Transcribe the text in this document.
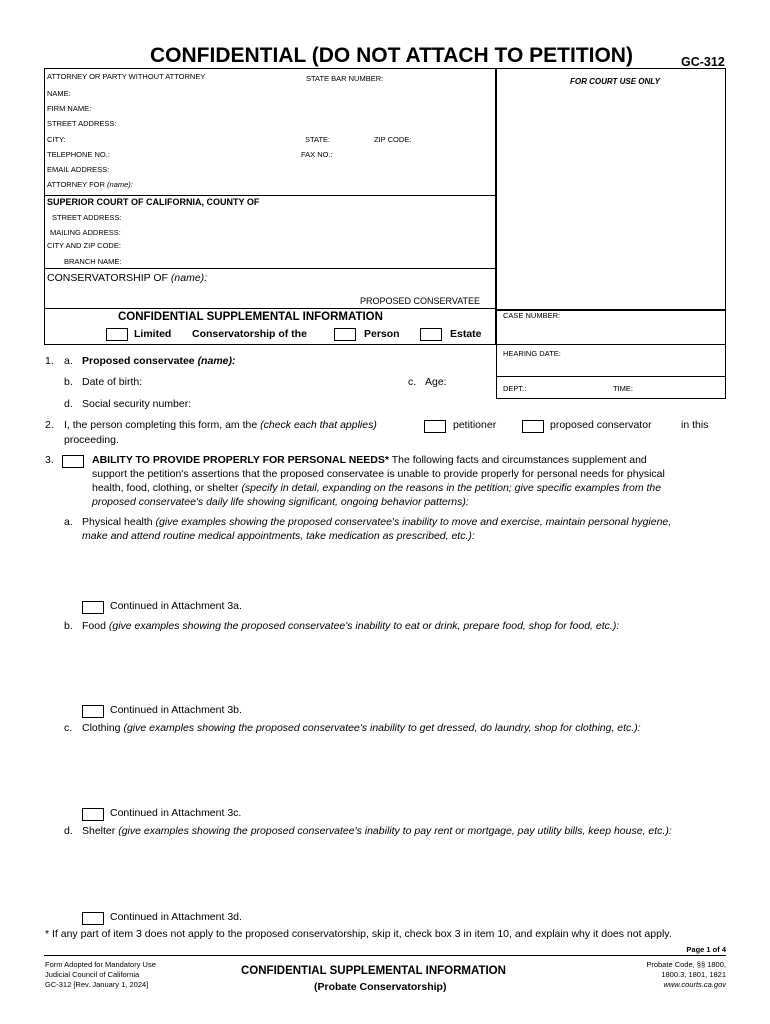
CONFIDENTIAL (DO NOT ATTACH TO PETITION)	GC-312
FOR COURT USE ONLY
ATTORNEY OR PARTY WITHOUT ATTORNEY	STATE BAR NUMBER:
NAME:
FIRM NAME:
STREET ADDRESS:
CITY:	STATE:	ZIP CODE:
TELEPHONE NO.:	FAX NO.:
EMAIL ADDRESS:
ATTORNEY FOR (name):
SUPERIOR COURT OF CALIFORNIA, COUNTY OF
STREET ADDRESS:
MAILING ADDRESS:
CITY AND ZIP CODE:
BRANCH NAME:
CONSERVATORSHIP OF (name):
PROPOSED CONSERVATEE
CONFIDENTIAL SUPPLEMENTAL INFORMATION
Limited Conservatorship of the	Person	Estate
CASE NUMBER:
HEARING DATE:
DEPT.:	TIME:
1. a. Proposed conservatee (name):
b. Date of birth:	c. Age:
d. Social security number:
2. I, the person completing this form, am the (check each that applies)	petitioner	proposed conservator	in this
proceeding.
3.	ABILITY TO PROVIDE PROPERLY FOR PERSONAL NEEDS* The following facts and circumstances supplement and
support the petition's assertions that the proposed conservatee is unable to provide properly for personal needs for physical
health, food, clothing, or shelter (specify in detail, expanding on the reasons in the petition; give specific examples from the
proposed conservatee's daily life showing significant, ongoing behavior patterns):
a. Physical health (give examples showing the proposed conservatee's inability to move and exercise, maintain personal hygiene,
make and attend routine medical appointments, take medication as prescribed, etc.):
Continued in Attachment 3a.
b. Food (give examples showing the proposed conservatee's inability to eat or drink, prepare food, shop for food, etc.):
Continued in Attachment 3b.
c. Clothing (give examples showing the proposed conservatee's inability to get dressed, do laundry, shop for clothing, etc.):
Continued in Attachment 3c.
d. Shelter (give examples showing the proposed conservatee's inability to pay rent or mortgage, pay utility bills, keep house, etc.):
Continued in Attachment 3d.
* If any part of item 3 does not apply to the proposed conservatorship, skip it, check box 3 in item 10, and explain why it does not apply.
Page 1 of 4
Form Adopted for Mandatory Use
Judicial Council of California
GC-312 [Rev. January 1, 2024]
CONFIDENTIAL SUPPLEMENTAL INFORMATION
(Probate Conservatorship)
Probate Code, §§ 1800,
1800.3, 1801, 1821
www.courts.ca.gov
